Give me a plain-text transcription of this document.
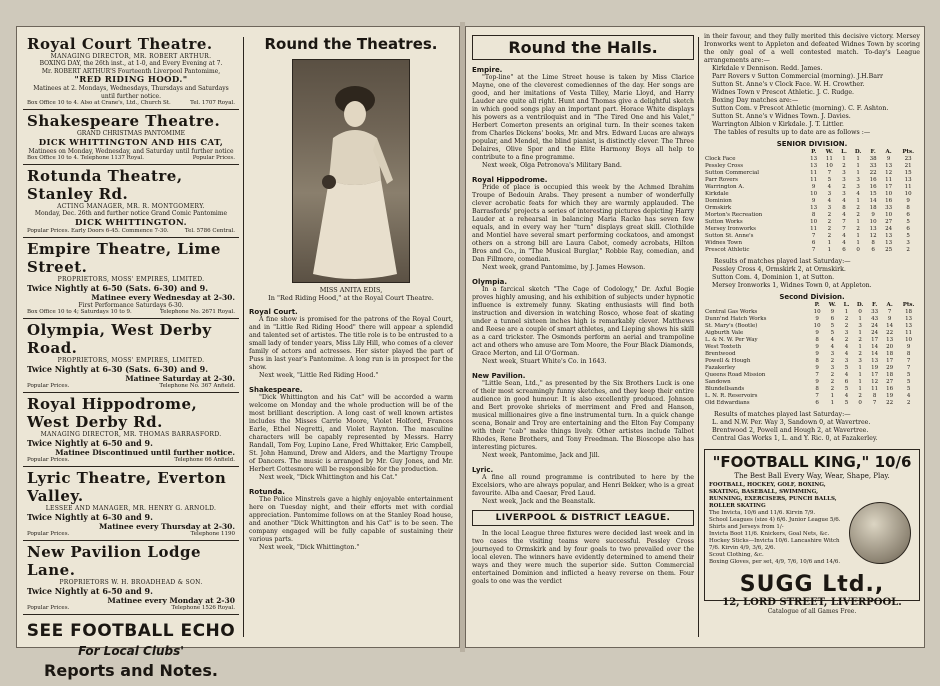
Royal Court Theatre.
MANAGING DIRECTOR, MR. ROBERT ARTHUR.
BOXING DAY, the 26th inst., at 1-0, and Every Evening at 7.
Mr. ROBERT ARTHUR'S Fourteenth Liverpool Pantomime,
"RED RIDING HOOD."
Matinees at 2. Mondays, Wednesdays, Thursdays and Saturdays until further notice.
Box Office 10 to 4. Also at Crane's, Ltd., Church St.	Tel. 1707 Royal.
Shakespeare Theatre.
GRAND CHRISTMAS PANTOMIME
DICK WHITTINGTON AND HIS CAT,
Matinees on Monday, Wednesday, and Saturday until further notice
Box Office 10 to 4. Telephone 1137 Royal.	Popular Prices.
Rotunda Theatre, Stanley Rd.
ACTING MANAGER, MR. R. MONTGOMERY.
Monday, Dec. 26th and further notice Grand Comic Pantomime
DICK WHITTINGTON.
Popular Prices. Early Doors 6-45. Commence 7-30.	Tel. 5786 Central.
Empire Theatre, Lime Street.
PROPRIETORS, MOSS' EMPIRES, LIMITED.
Twice Nightly at 6-50 (Sats. 6-30) and 9.
Matinee every Wednesday at 2-30.
First Performance Saturdays 6-30.
Box Office 10 to 4; Saturdays 10 to 9.	Telephone No. 2671 Royal.
Olympia, West Derby Road.
PROPRIETORS, MOSS' EMPIRES, LIMITED.
Twice Nightly at 6-30 (Sats. 6-30) and 9.
Matinee Saturday at 2-30.
Popular Prices.	Telephone No. 367 Anfield.
Royal Hippodrome, West Derby Rd.
MANAGING DIRECTOR, MR. THOMAS BARRASFORD.
Twice Nightly at 6-50 and 9.
Matinee Discontinued until further notice.
Popular Prices.	Telephone 66 Anfield.
Lyric Theatre, Everton Valley.
LESSEE AND MANAGER, MR. HENRY G. ARNOLD.
Twice Nightly at 6-30 and 9.
Matinee every Thursday at 2-30.
Popular Prices.	Telephone 1190
New Pavilion Lodge Lane.
PROPRIETORS W. H. BROADHEAD & SON.
Twice Nightly at 6-50 and 9.
Matinee every Monday at 2-30
Popular Prices.	Telephone 1526 Royal.
SEE FOOTBALL ECHO
For Local Clubs'
Reports and Notes.
Round the Theatres.
MISS ANITA EDIS,
In "Red Riding Hood," at the Royal Court Theatre.
Royal Court.
A fine show is promised for the patrons of the Royal Court, and in "Little Red Riding Hood" there will appear a splendid and talented set of artistes. The title role is to be entrusted to a small lady of tender years, Miss Lily Hill, who comes of a clever family of actors and actresses. Her sister played the part of Puss in last year's Pantomime. A long run is in prospect for the show.
Next week, "Little Red Riding Hood."
Shakespeare.
"Dick Whittington and his Cat" will be accorded a warm welcome on Monday and the whole production will be of the most brilliant description. A long cast of well known artistes includes the Misses Carrie Moore, Violet Holford, Frances Earle, Ethel Negretti, and Violet Raynton. The masculine characters will be capably represented by Messrs. Harry Randall, Tom Foy, Lupino Lane, Fred Whittaker, Eric Campbell, St. John Hamund, Drew and Alders, and the Martigny Troupe of Dancers. The music is arranged by Mr. Guy Jones, and Mr. Herbert Cottesmore will be responsible for the production.
Next week, "Dick Whittington and his Cat."
Rotunda.
The Police Minstrels gave a highly enjoyable entertainment here on Tuesday night, and their efforts met with cordial appreciation. Pantomime follows on at the Stanley Road house, and another "Dick Whittington and his Cat" is to be seen. The company engaged will be fully capable of sustaining their various parts.
Next week, "Dick Whittington."
Round the Halls.
Empire.
"Top-line" at the Lime Street house is taken by Miss Clarice Mayne, one of the cleverest comediennes of the day. Her songs are good, and her imitations of Vesta Tilley, Marie Lloyd, and Harry Lauder are quite all right. Hunt and Thomas give a delightful sketch in which good songs play an important part. Horace White displays his powers as a ventriloquist and in "The Tired One and his Valet," Herbert Comerton presents an original turn. In their scenes taken from Charles Dickens' books, Mr. and Mrs. Edward Lucas are always popular, and Mendel, the blind pianist, is distinctly clever. The Three Delaires, Olive Spor and the Elite Harmony Boys all help to contribute to a fine programme.
Next week, Olga Petronova's Military Band.
Royal Hippodrome.
Pride of place is occupied this week by the Achmed Ibrahim Troupe of Bedouin Arabs. They present a number of wonderfully clever acrobatic feats for which they are warmly applauded. The Barrasfords' projects a series of interesting pictures depicting Harry Lauder at a rehearsal in balancing Maria Racko has seven few equals, and in every way her "turn" displays great skill. Clothilde and Montiel have several smart performing cockatoos, and amongst others on a strong bill are Laura Cabot, comedy acrobats, Hilton Bros and Co., in "The Musical Burglar," Robbie Ray, comedian, and Dan Fillmore, comedian.
Next week, grand Pantomime, by J. James Hewson.
Olympia.
In a farcical sketch "The Cage of Codology," Dr. Axful Bogie proves highly amusing, and his exhibition of subjects under hypnotic influence is extremely funny. Skating enthusiasts will find both instruction and diversion in watching Rosco, whose feat of skating under a tunnel sixteen inches high is remarkably clever. Matthews and Reese are a couple of smart athletes, and Lieping shows his skill as a card trickster. The Osmonds perform an aerial and trampoline act and others who amuse are Tom Moore, the Four Black Diamonds, Grace Merton, and Lil O'Gorman.
Next week, Stuart White's Co. in 1643.
New Pavilion.
"Little Sean, Ltd.," as presented by the Six Brothers Luck is one of their most screamingly funny sketches, and they keep their entire audience in good humour. It is also excellently produced. Johnson and Bert provoke shrieks of merriment and Fred and Hanson, musical millionaires give a fine instrumental turn. In a quick change scena, Bonair and Troy are entertaining and the Elton Fay Company with their "cab" make things lively. Other artistes include Talbot Rhodes, Rene Brothers, and Tony Freedman. The Bioscope also has interesting pictures.
Next week, Pantomime, Jack and Jill.
Lyric.
A fine all round programme is contributed to here by the Excelsiors, who are always popular, and Henri Bekker, who is a great favourite. Alba and Caesar, Fred Laud.
Next week, Jack and the Beanstalk.
LIVERPOOL & DISTRICT LEAGUE.
In the local League three fixtures were decided last week and in two cases the visiting teams were successful. Pessley Cross journeyed to Ormskirk and by four goals to two prevailed over the local eleven. The winners have evidently determined to amend their ways and they were much the superior side. Sutton Commercial entertained Dominion and inflicted a heavy reverse on them. Four goals to one was the verdict
in their favour, and they fully merited this decisive victory. Mersey Ironworks went to Appleton and defeated Widnes Town by scoring the only goal of a well contested match. To-day's League arrangements are:—
Kirkdale v Dennison. Redd. James.
Parr Rovers v Sutton Commercial (morning). J.H.Barr
Sutton St. Anne's v Clock Face. W. H. Crowther.
Widnes Town v Prescot Athletic. J. C. Rudge.
Boxing Day matches are:—
Sutton Com. v Prescot Athletic (morning). C. F. Ashton.
Sutton St. Anne's v Widnes Town. J. Davies.
Warrington Albion v Kirkdale. J. T. Littler.
The tables of results up to date are as follows :—
SENIOR DIVISION.
	P.	W.	L.	D.	F.	A.	Pts.
Clock Face	13	11	1	1	38	9	23
Pessley Cross	13	10	2	1	33	13	21
Sutton Commercial	11	7	3	1	22	12	15
Parr Rovers	11	5	3	3	16	11	13
Warrington A.	9	4	2	3	16	17	11
Kirkdale	10	3	3	4	15	10	10
Dominion	9	4	4	1	14	16	9
Ormskirk	13	3	8	2	18	33	8
Morton's Recreation	8	2	4	2	9	10	6
Sutton Works	10	2	7	1	10	27	5
Mersey Ironworks	11	2	7	2	13	24	6
Sutton St. Anne's	7	2	4	1	12	13	5
Widnes Town	6	1	4	1	8	13	3
Prescot Athletic	7	1	6	0	6	25	2
Results of matches played last Saturday:—
Pessley Cross 4, Ormskirk 2, at Ormskirk.
Sutton Com. 4, Dominion 1, at Sutton.
Mersey Ironworks 1, Widnes Town 0, at Appleton.
Second Division.
	P.	W.	L.	D.	F.	A.	Pts.
Central Gas Works	10	9	1	0	33	7	18
Dunn'nd Hatch Works	9	6	2	1	43	9	13
St. Mary's (Bootle)	10	5	2	3	24	14	13
Aigburth Vale	9	5	3	1	24	22	11
L. & N. W. Per Way	8	4	2	2	17	13	10
West Toxteth	9	4	4	1	14	20	9
Brentwood	9	3	4	2	14	18	8
Powell & Hough	8	2	3	3	13	17	7
Fazakerley	9	3	5	1	19	29	7
Queens Road Mission	7	2	4	1	17	18	5
Sandown	9	2	6	1	12	27	5
Blundellsands	8	2	5	1	11	16	5
L. N. R. Reservoirs	7	1	4	2	8	19	4
Old Edwardians	6	1	5	0	7	22	2
Results of matches played last Saturday:—
L. and N.W. Per. Way 3, Sandown 0, at Wavertree.
Brentwood 2, Powell and Hough 2, at Wavertree.
Central Gas Works 1, L. and Y. Ric. 0, at Fazakerley.
"FOOTBALL KING," 10/6
The Best Ball Every Way, Wear, Shape, Play.
FOOTBALL, HOCKEY, GOLF, BOXING, SKATING, BASEBALL, SWIMMING, RUNNING, EXERCISERS, PUNCH BALLS, ROLLER SKATING
The Invicta, 10/6 and 11/6. Kirvin 7/9.
School Leagues (size 4) 6/6. Junior League 5/6.
Shirts and Jerseys from 1/-
Invicta Boot 11/6. Knickers, Goal Nets, &c.
Hockey Sticks—Invicta 10/6. Lancashire Witch 7/6. Kirvin 4/9, 3/6, 2/6.
Scout Clothing, &c.
Boxing Gloves, per set, 4/9, 7/6, 10/6 and 14/6.
SUGG Ltd.,
12, LORD STREET, LIVERPOOL.
Catalogue of all Games Free.
